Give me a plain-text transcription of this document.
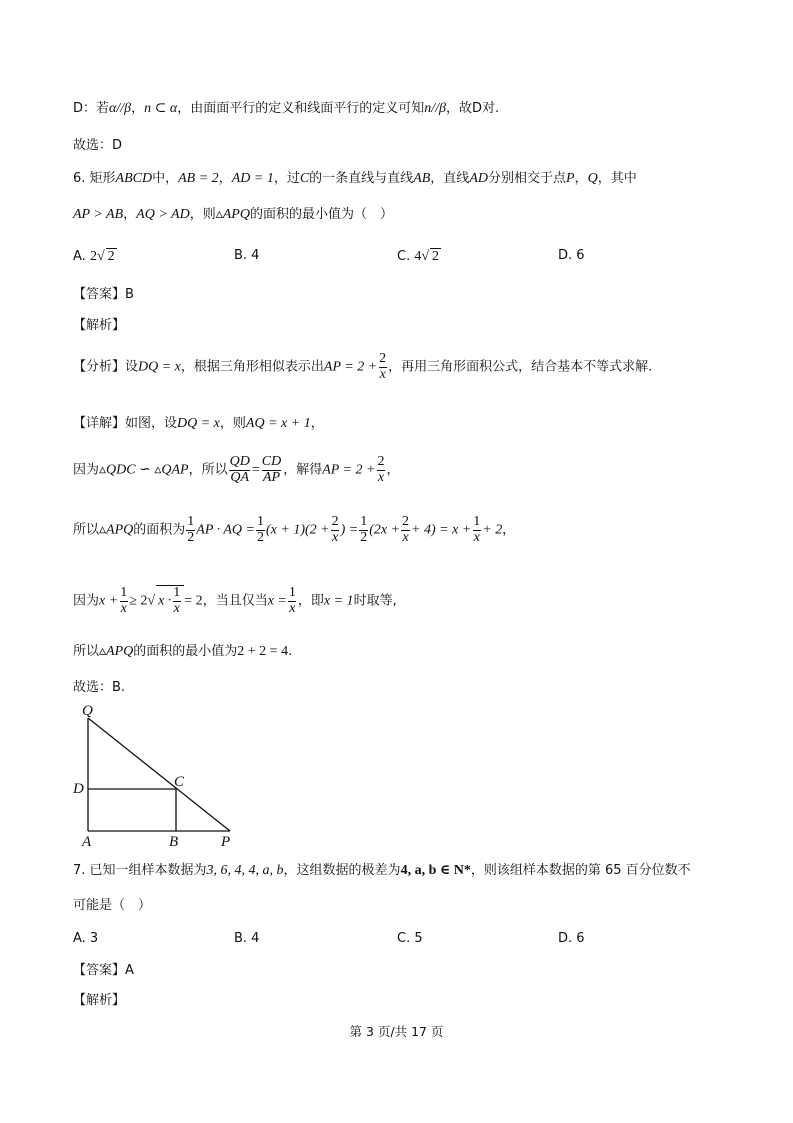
D：若α//β，n ⊂ α，由面面平行的定义和线面平行的定义可知n//β，故D对.
故选：D
6. 矩形ABCD中，AB = 2，AD = 1，过C的一条直线与直线AB，直线AD分别相交于点P，Q，其中
AP > AB，AQ > AD，则▵APQ的面积的最小值为（　）
A. 2√ 2	B. 4	C. 4√ 2	D. 6
【答案】B
【解析】
【分析】设DQ = x，根据三角形相似表示出AP = $2 + \frac{2}{x}$ ，再用三角形面积公式，结合基本不等式求解.
【详解】如图，设DQ = x，则AQ = x + 1，
因为▵QDC ∽ ▵QAP，所以 $\frac{QD}{QA} = \frac{CD}{AP}$ ，解得AP = $2 + \frac{2}{x}$ ，
所以▵APQ的面积为 $\frac{1}{2}$ AP · AQ = $\frac{1}{2} (x + 1)(2 + \frac{2}{x}$ ) = $\frac{1}{2} (2x + \frac{2}{x} + 4) = x + \frac{1}{x} + 2$，
因为$x + \frac{1}{x} \ge 2√$ $x \cdot \frac{1}{x} = 2$，当且仅当$x = \frac{1}{x}$ ，即x = 1时取等,
所以▵APQ的面积的最小值为2 + 2 = 4.
故选：B.
Q
D	C
A	B	P
7. 已知一组样本数据为3, 6, 4, 4, a, b，这组数据的极差为4, a, b ∈ N*，则该组样本数据的第 65 百分位数不
可能是（　）
A. 3	B. 4	C. 5	D. 6
【答案】A
【解析】
第 3 页/共 17 页
